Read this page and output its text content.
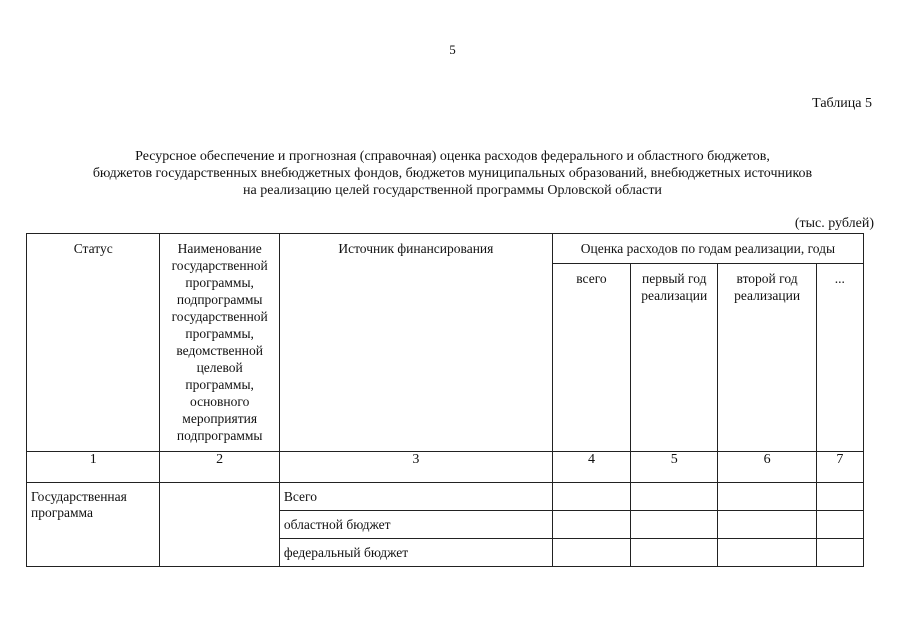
5
Таблица 5
Ресурсное обеспечение и прогнозная (справочная) оценка расходов федерального и областного бюджетов,
бюджетов государственных внебюджетных фондов, бюджетов муниципальных образований, внебюджетных источников
на реализацию целей государственной программы Орловской области
(тыс. рублей)
Статус	Наименование государственной программы, подпрограммы государственной программы, ведомственной целевой программы, основного мероприятия подпрограммы	Источник финансирования	Оценка расходов по годам реализации, годы			

			всего	первый год реализации	второй год реализации	...

1	2	3	4	5	6	7
Государственная программа		Всего				
		областной бюджет				
		федеральный бюджет				
